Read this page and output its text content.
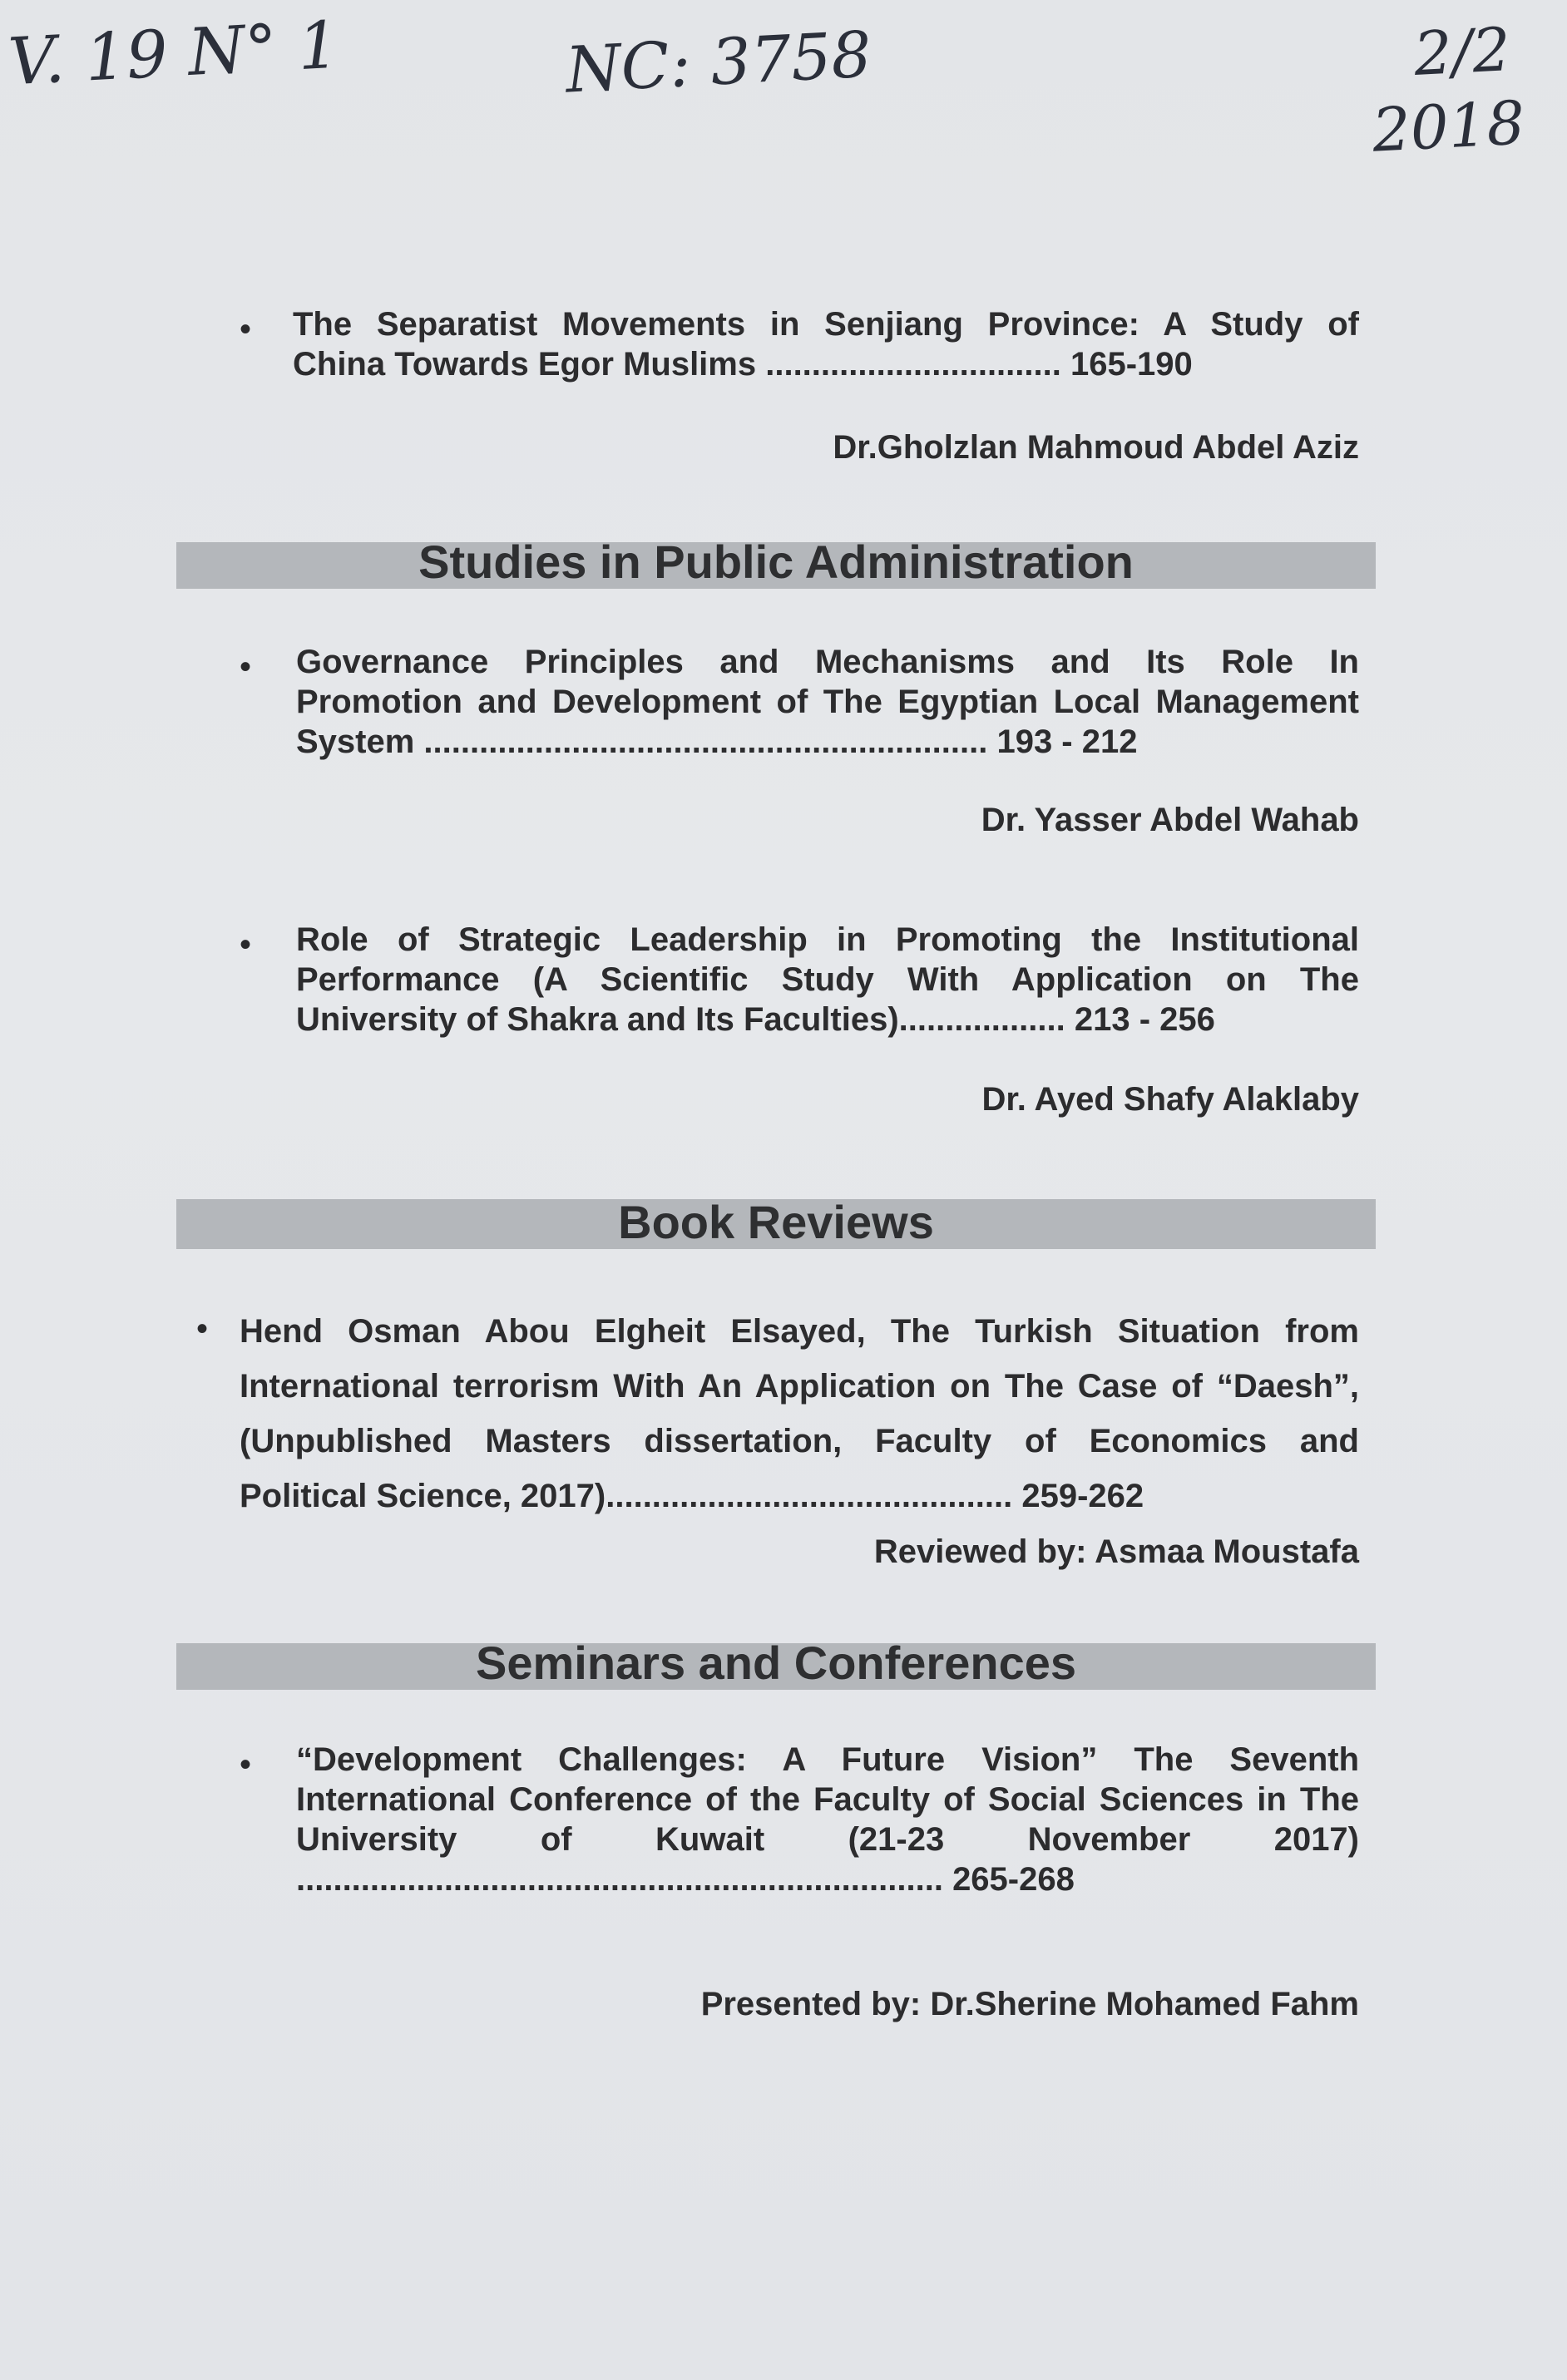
V. 19 N° 1	NC: 3758	2/2
2018
• The Separatist Movements in Senjiang Province: A Study of
China Towards Egor Muslims ................................ 165-190
Dr.Gholzlan Mahmoud Abdel Aziz
Studies in Public Administration
• Governance Principles and Mechanisms and Its Role In
Promotion and Development of The Egyptian Local Management
System ............................................................. 193 - 212
Dr. Yasser Abdel Wahab
• Role of Strategic Leadership in Promoting the Institutional
Performance (A Scientific Study With Application on The
University of Shakra and Its Faculties).................. 213 - 256
Dr. Ayed Shafy Alaklaby
Book Reviews
• Hend Osman Abou Elgheit Elsayed, The Turkish Situation from
International terrorism With An Application on The Case of “Daesh”,
(Unpublished Masters dissertation, Faculty of Economics and
Political Science, 2017)............................................ 259-262
Reviewed by: Asmaa Moustafa
Seminars and Conferences
• “Development Challenges: A Future Vision” The Seventh
International Conference of the Faculty of Social Sciences in The
University of Kuwait (21-23 November 2017)
...................................................................... 265-268
Presented by: Dr.Sherine Mohamed Fahm
